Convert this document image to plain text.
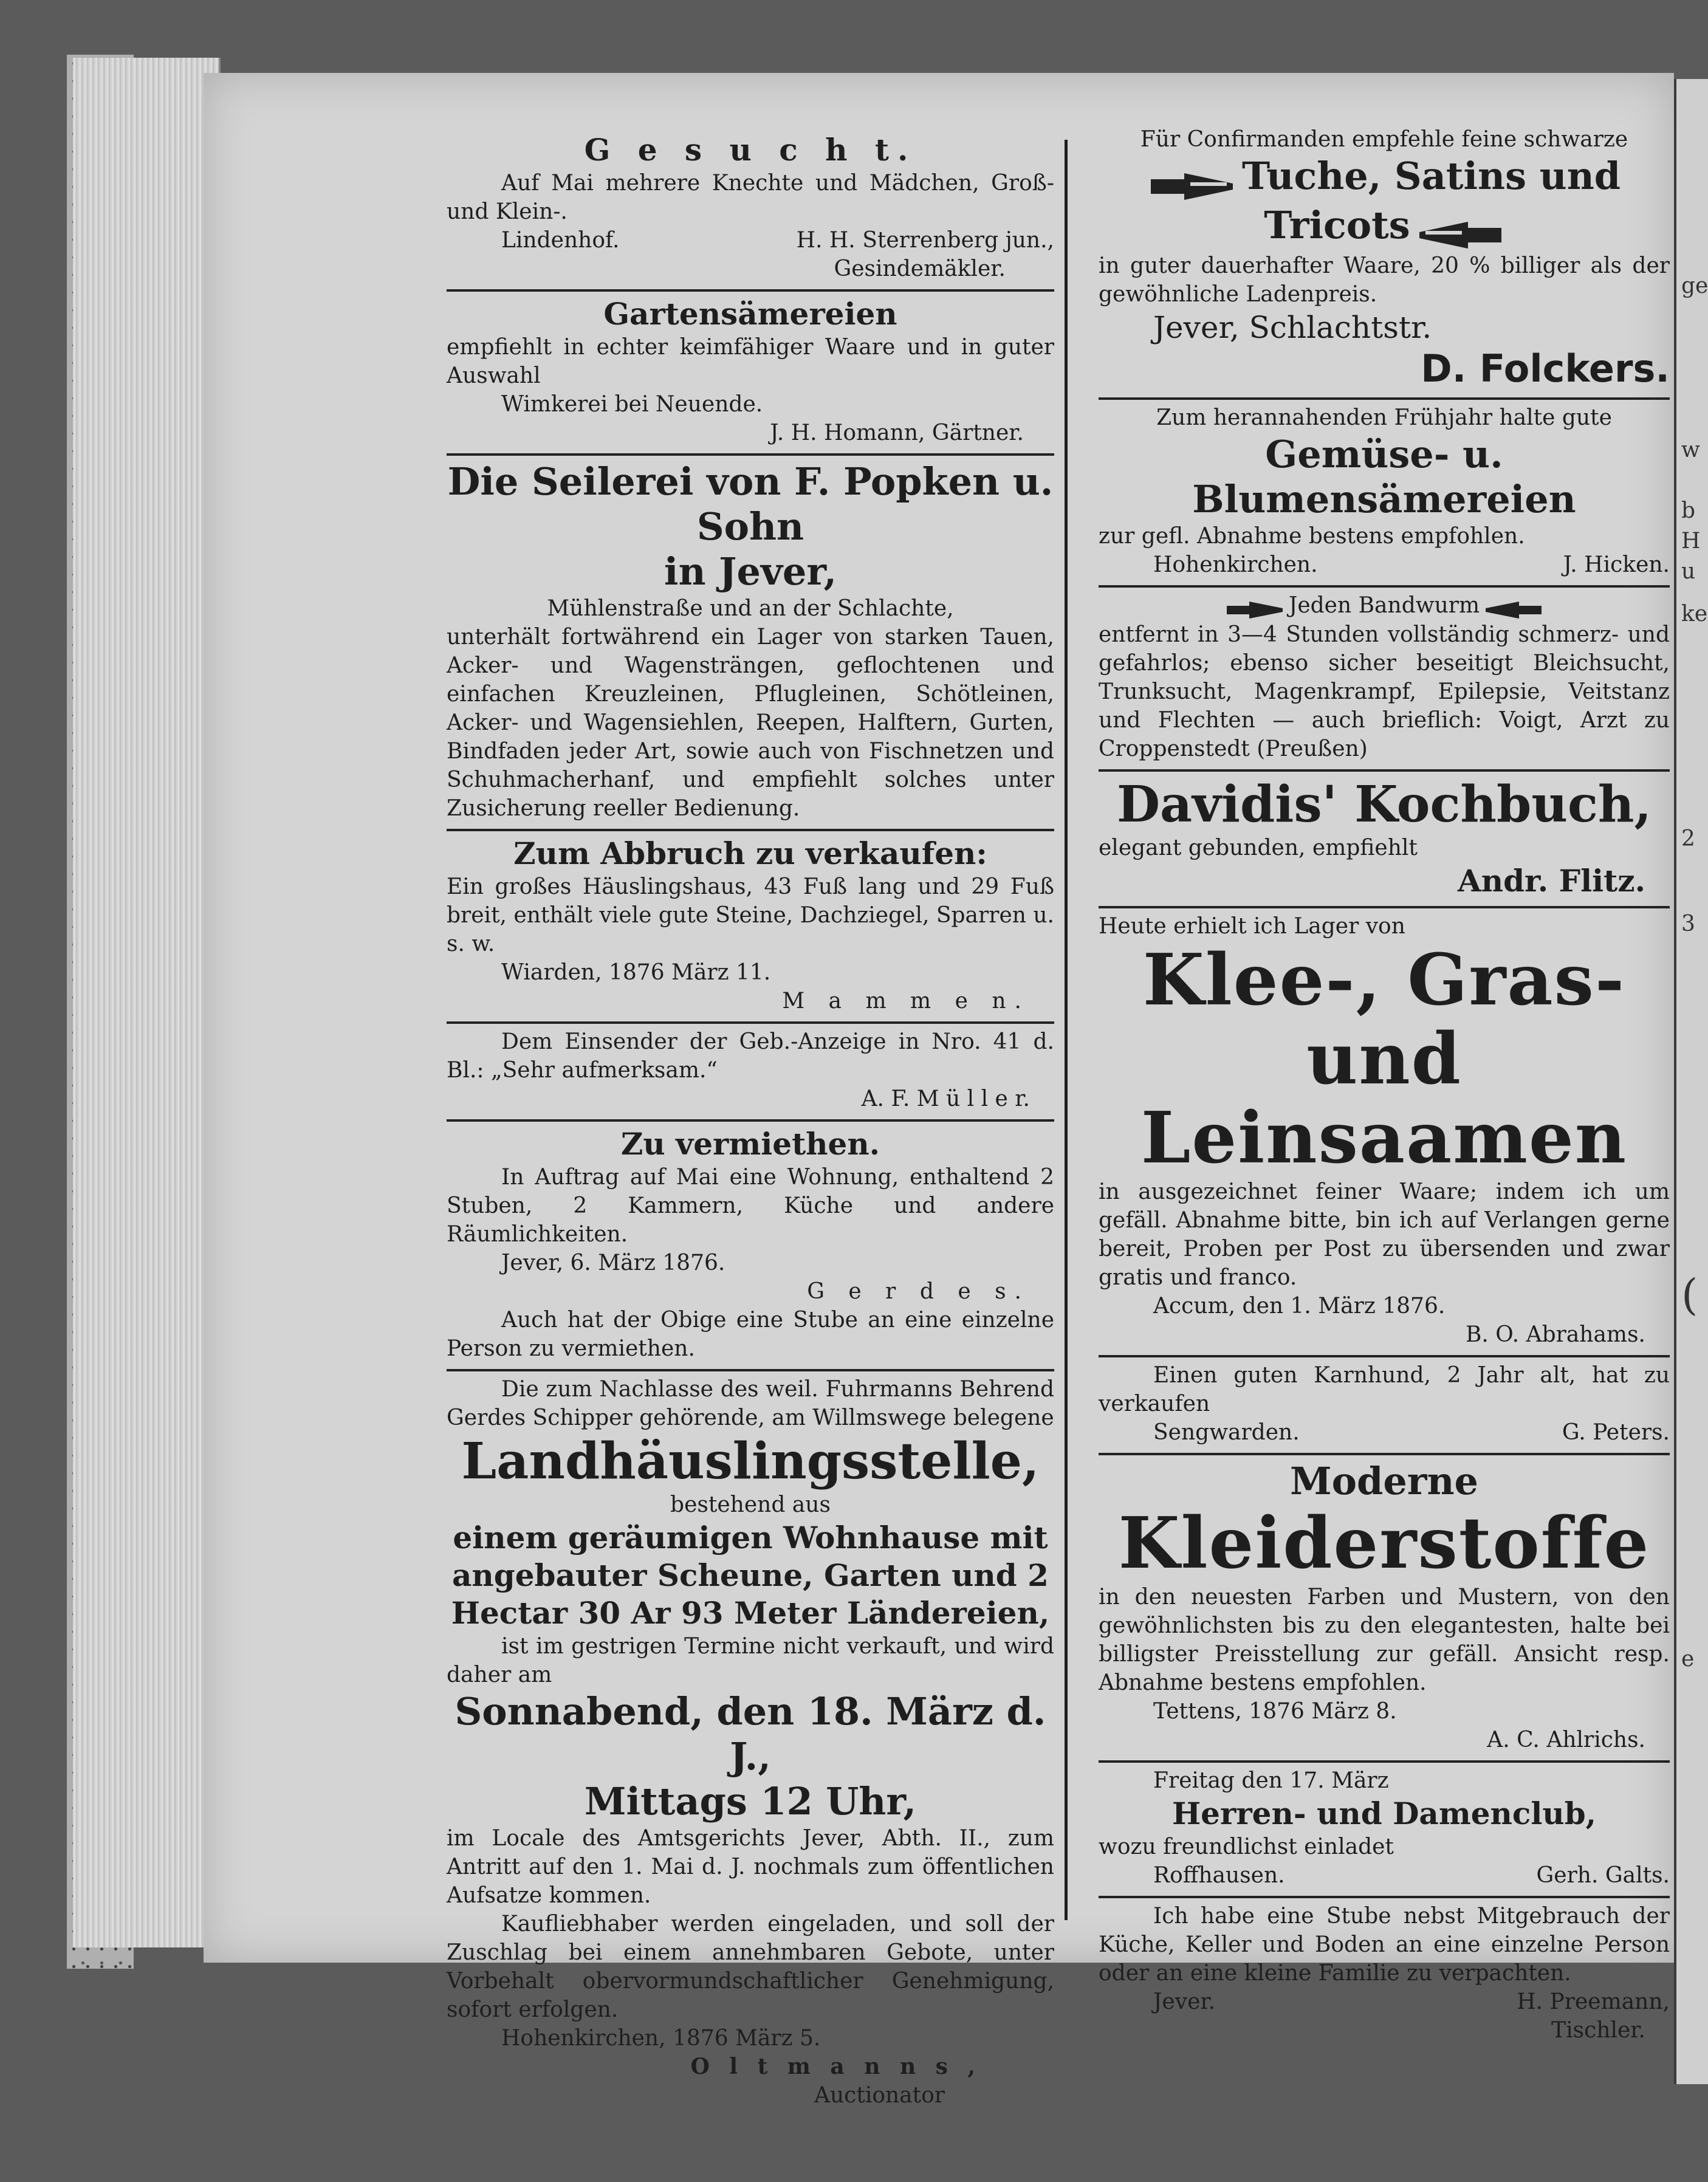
ge
w
b
H
u
ke
2
3
(
e

G e s u c h t.

Auf Mai mehrere Knechte und Mädchen, Groß- und Klein-.

Lindenhof.	H. H. Sterrenberg jun.,

Gesindemäkler.

Gartensämereien

empfiehlt in echter keimfähiger Waare und in guter Auswahl

Wimkerei bei Neuende.

J. H. Homann, Gärtner.

Die Seilerei von F. Popken u. Sohn

in Jever,

Mühlenstraße und an der Schlachte,

unterhält fortwährend ein Lager von starken Tauen, Acker- und Wagensträngen, geflochtenen und einfachen Kreuzleinen, Pflugleinen, Schötleinen, Acker- und Wagensiehlen, Reepen, Halftern, Gurten, Bindfaden jeder Art, sowie auch von Fischnetzen und Schuhmacherhanf, und empfiehlt solches unter Zusicherung reeller Bedienung.

Zum Abbruch zu verkaufen:

Ein großes Häuslingshaus, 43 Fuß lang und 29 Fuß breit, enthält viele gute Steine, Dachziegel, Sparren u. s. w.

Wiarden, 1876 März 11.

M a m m e n.

Dem Einsender der Geb.-Anzeige in Nro. 41 d. Bl.: „Sehr aufmerksam.“

A. F. M ü l l e r.

Zu vermiethen.

In Auftrag auf Mai eine Wohnung, enthaltend 2 Stuben, 2 Kammern, Küche und andere Räumlichkeiten.

Jever, 6. März 1876.

G e r d e s.

Auch hat der Obige eine Stube an eine einzelne Person zu vermiethen.

Die zum Nachlasse des weil. Fuhrmanns Behrend Gerdes Schipper gehörende, am Willmswege belegene

Landhäuslingsstelle,

bestehend aus

einem geräumigen Wohnhause mit

angebauter Scheune, Garten und 2

Hectar 30 Ar 93 Meter Ländereien,

ist im gestrigen Termine nicht verkauft, und wird daher am

Sonnabend, den 18. März d. J.,

Mittags 12 Uhr,

im Locale des Amtsgerichts Jever, Abth. II., zum Antritt auf den 1. Mai d. J. nochmals zum öffentlichen Aufsatze kommen.

Kaufliebhaber werden eingeladen, und soll der Zuschlag bei einem annehmbaren Gebote, unter Vorbehalt obervormundschaftlicher Genehmigung, sofort erfolgen.

Hohenkirchen, 1876 März 5.

O l t m a n n s ,

Auctionator

Für Confirmanden empfehle feine schwarze

Tuche, Satins und
Tricots

in guter dauerhafter Waare, 20 % billiger als der gewöhnliche Ladenpreis.

Jever, Schlachtstr.

D. Folckers.

Zum herannahenden Frühjahr halte gute

Gemüse- u. Blumensämereien

zur gefl. Abnahme bestens empfohlen.

Hohenkirchen.	J. Hicken.
Jeden Bandwurm

entfernt in 3—4 Stunden vollständig schmerz- und gefahrlos; ebenso sicher beseitigt Bleichsucht, Trunksucht, Magenkrampf, Epilepsie, Veitstanz und Flechten — auch brieflich: Voigt, Arzt zu Croppenstedt (Preußen)

Davidis' Kochbuch,

elegant gebunden, empfiehlt

Andr. Flitz.

Heute erhielt ich Lager von

Klee-, Gras- und

Leinsaamen

in ausgezeichnet feiner Waare; indem ich um gefäll. Abnahme bitte, bin ich auf Verlangen gerne bereit, Proben per Post zu übersenden und zwar gratis und franco.

Accum, den 1. März 1876.

B. O. Abrahams.

Einen guten Karnhund, 2 Jahr alt, hat zu verkaufen

Sengwarden.	G. Peters.

Moderne

Kleiderstoffe

in den neuesten Farben und Mustern, von den gewöhnlichsten bis zu den elegantesten, halte bei billigster Preisstellung zur gefäll. Ansicht resp. Abnahme bestens empfohlen.

Tettens, 1876 März 8.

A. C. Ahlrichs.

Freitag den 17. März

Herren- und Damenclub,

wozu freundlichst einladet

Roffhausen.	Gerh. Galts.

Ich habe eine Stube nebst Mitgebrauch der Küche, Keller und Boden an eine einzelne Person oder an eine kleine Familie zu verpachten.

Jever.	H. Preemann,

Tischler.
